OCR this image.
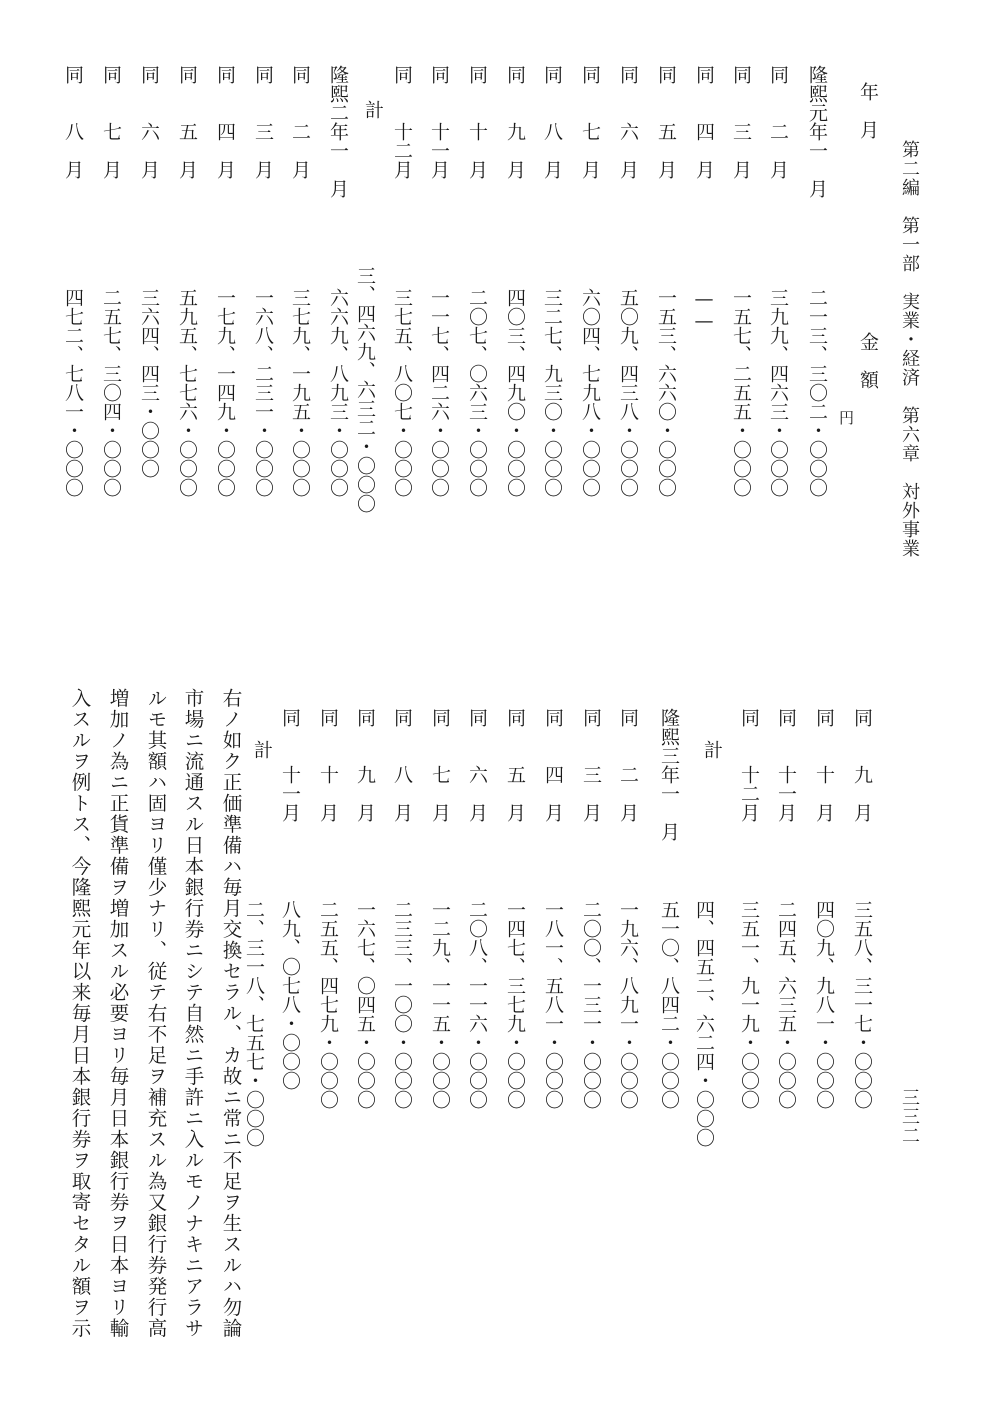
第二編　第一部　実業・経済　第六章　対外事業
三三二
年　月
金　額
円
隆熙元年一　月
二一三、三〇二・〇〇〇
同　　二　月
三九九、四六三・〇〇〇
同　　三　月
一五七、二五五・〇〇〇
同　　四　月
——
同　　五　月
一五三、六六〇・〇〇〇
同　　六　月
五〇九、四三八・〇〇〇
同　　七　月
六〇四、七九八・〇〇〇
同　　八　月
三二七、九三〇・〇〇〇
同　　九　月
四〇三、四九〇・〇〇〇
同　　十　月
二〇七、〇六三・〇〇〇
同　　十一月
一一七、四二六・〇〇〇
同　　十二月
三七五、八〇七・〇〇〇
計
三、四六九、六三二・〇〇〇
隆熙二年一　月
六六九、八九三・〇〇〇
同　　二　月
三七九、一九五・〇〇〇
同　　三　月
一六八、二三一・〇〇〇
同　　四　月
一七九、一四九・〇〇〇
同　　五　月
五九五、七七六・〇〇〇
同　　六　月
三六四、四三・〇〇〇
同　　七　月
二五七、三〇四・〇〇〇
同　　八　月
四七二、七八一・〇〇〇
同　　九　月
三五八、三一七・〇〇〇
同　　十　月
四〇九、九八一・〇〇〇
同　　十一月
二四五、六三五・〇〇〇
同　　十二月
三五一、九一九・〇〇〇
計
四、四五二、六二四・〇〇〇
隆熙三年一　月
五一〇、八四二・〇〇〇
同　　二　月
一九六、八九一・〇〇〇
同　　三　月
二〇〇、一三一・〇〇〇
同　　四　月
一八一、五八一・〇〇〇
同　　五　月
一四七、三七九・〇〇〇
同　　六　月
二〇八、一一六・〇〇〇
同　　七　月
一二九、一一五・〇〇〇
同　　八　月
二三三、一〇〇・〇〇〇
同　　九　月
一六七、〇四五・〇〇〇
同　　十　月
二五五、四七九・〇〇〇
同　　十一月
八九、〇七八・〇〇〇
計
二、三一八、七五七・〇〇〇
右ノ如ク正価準備ハ毎月交換セラル、カ故ニ常ニ不足ヲ生スルハ勿論
市場ニ流通スル日本銀行券ニシテ自然ニ手許ニ入ルモノナキニアラサ
ルモ其額ハ固ヨリ僅少ナリ、従テ右不足ヲ補充スル為又銀行券発行高
増加ノ為ニ正貨準備ヲ増加スル必要ヨリ毎月日本銀行券ヲ日本ヨリ輸
入スルヲ例トス、今隆熙元年以来毎月日本銀行券ヲ取寄セタル額ヲ示
